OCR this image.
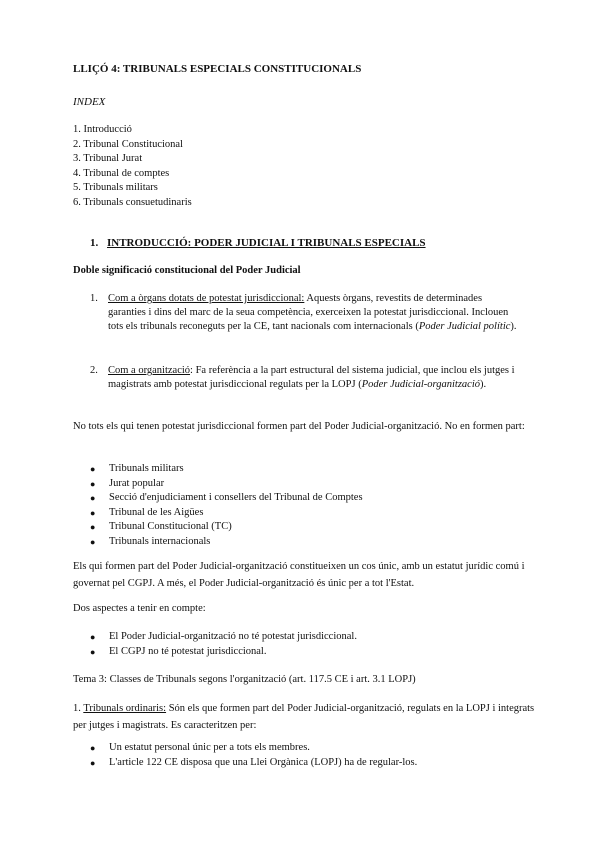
LLIÇÓ 4: TRIBUNALS ESPECIALS CONSTITUCIONALS
INDEX
1. Introducció
2. Tribunal Constitucional
3. Tribunal Jurat
4. Tribunal de comptes
5. Tribunals militars
6. Tribunals consuetudinaris
1. INTRODUCCIÓ: PODER JUDICIAL I TRIBUNALS ESPECIALS
Doble significació constitucional del Poder Judicial
1. Com a òrgans dotats de potestat jurisdiccional: Aquests òrgans, revestits de determinades garanties i dins del marc de la seua competència, exerceixen la potestat jurisdiccional. Inclouen tots els tribunals reconeguts per la CE, tant nacionals com internacionals (Poder Judicial polític).
2. Com a organització: Fa referència a la part estructural del sistema judicial, que inclou els jutges i magistrats amb potestat jurisdiccional regulats per la LOPJ (Poder Judicial-organització).
No tots els qui tenen potestat jurisdiccional formen part del Poder Judicial-organització. No en formen part:
● Tribunals militars
● Jurat popular
● Secció d'enjudiciament i consellers del Tribunal de Comptes
● Tribunal de les Aigües
● Tribunal Constitucional (TC)
● Tribunals internacionals
Els qui formen part del Poder Judicial-organització constitueixen un cos únic, amb un estatut jurídic comú i governat pel CGPJ. A més, el Poder Judicial-organització és únic per a tot l'Estat.
Dos aspectes a tenir en compte:
● El Poder Judicial-organització no té potestat jurisdiccional.
● El CGPJ no té potestat jurisdiccional.
Tema 3: Classes de Tribunals segons l'organització (art. 117.5 CE i art. 3.1 LOPJ)
1. Tribunals ordinaris: Són els que formen part del Poder Judicial-organització, regulats en la LOPJ i integrats per jutges i magistrats. Es caracteritzen per:
● Un estatut personal únic per a tots els membres.
● L'article 122 CE disposa que una Llei Orgànica (LOPJ) ha de regular-los.
